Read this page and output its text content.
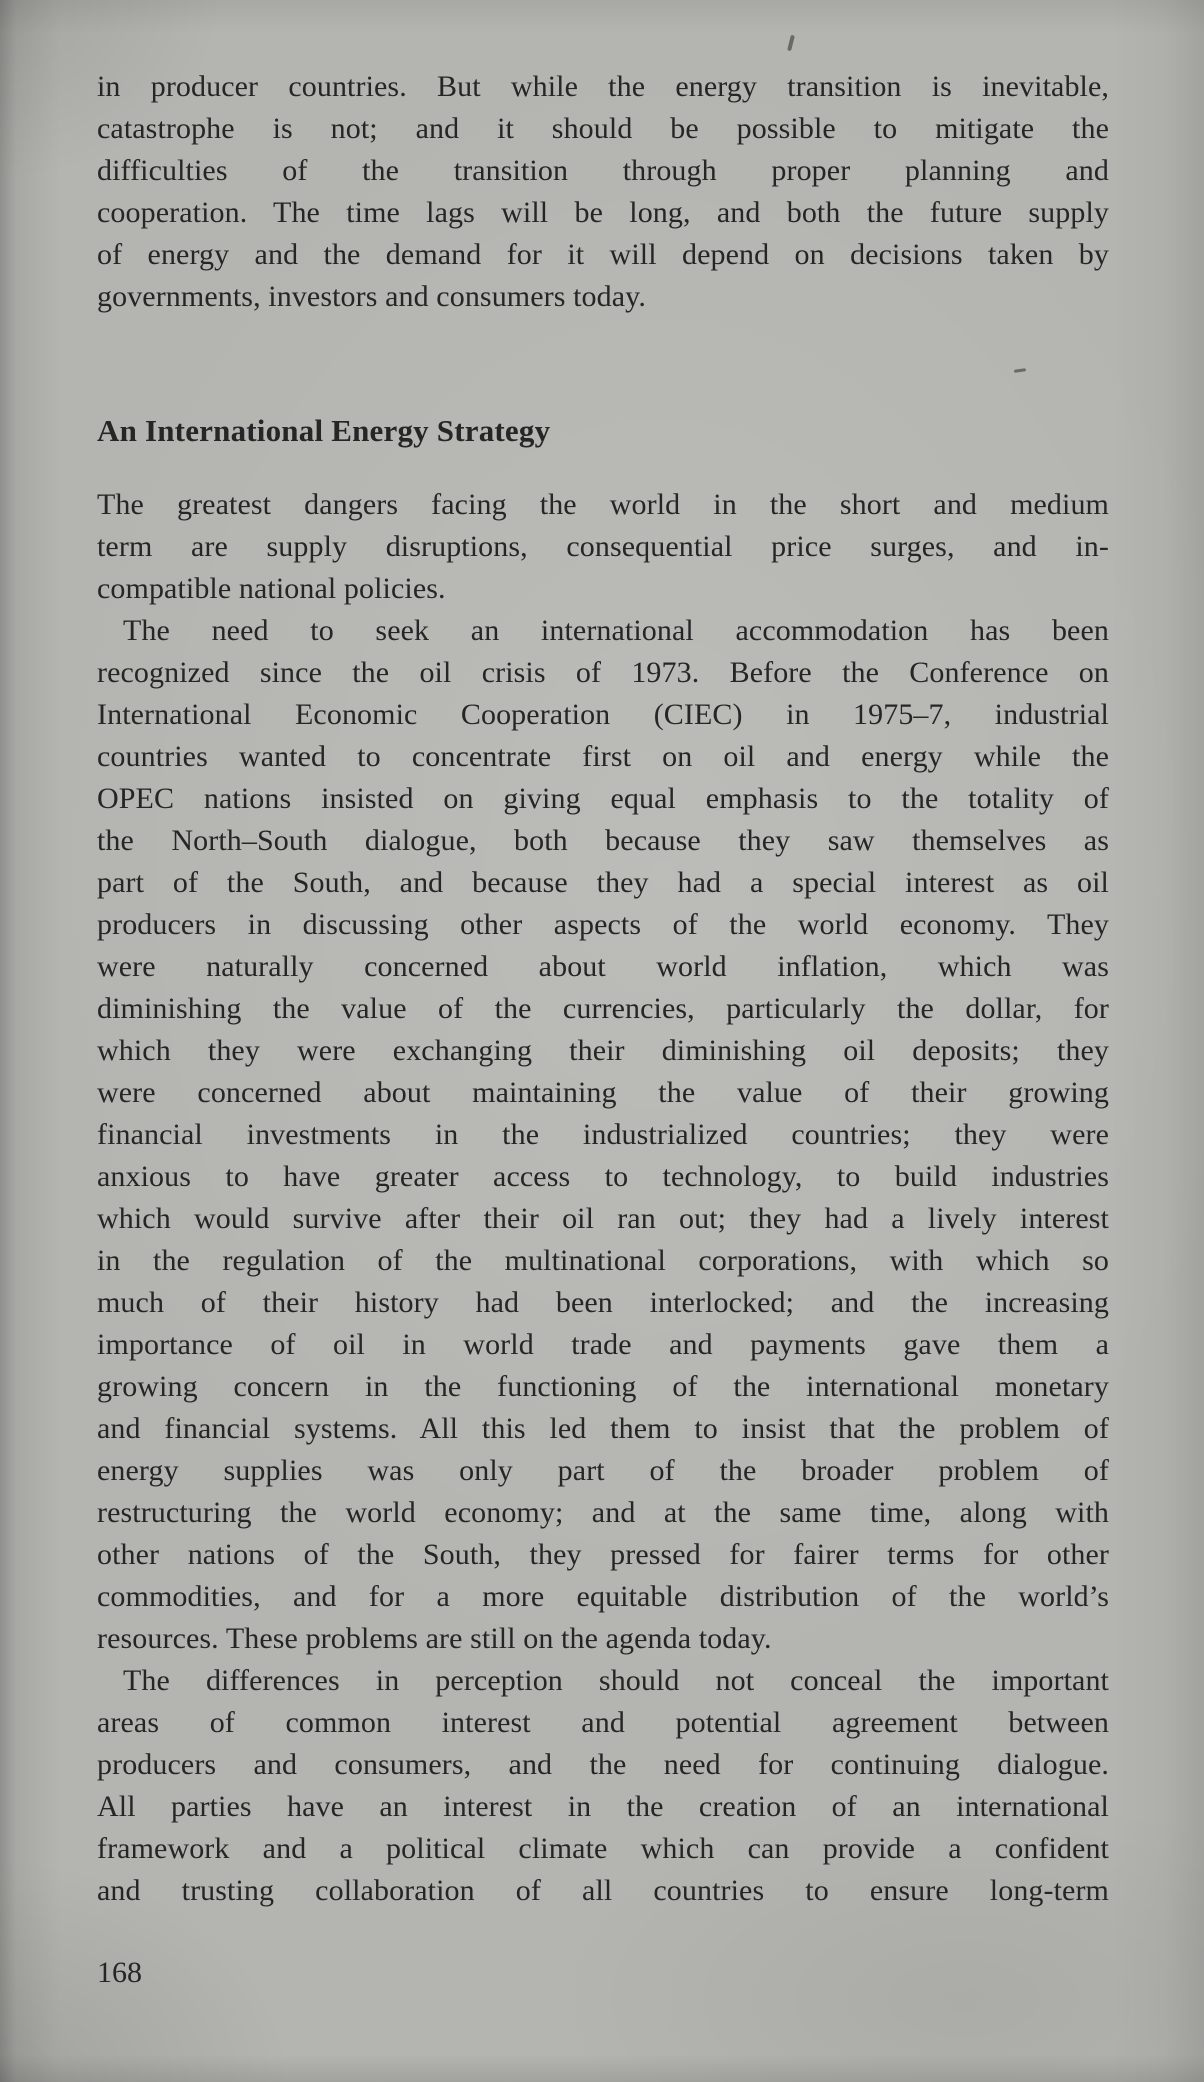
in producer countries. But while the energy transition is inevitable,
catastrophe is not; and it should be possible to mitigate the
difficulties of the transition through proper planning and
cooperation. The time lags will be long, and both the future supply
of energy and the demand for it will depend on decisions taken by
governments, investors and consumers today.
An International Energy Strategy
The greatest dangers facing the world in the short and medium
term are supply disruptions, consequential price surges, and in-
compatible national policies.
The need to seek an international accommodation has been
recognized since the oil crisis of 1973. Before the Conference on
International Economic Cooperation (CIEC) in 1975–7, industrial
countries wanted to concentrate first on oil and energy while the
OPEC nations insisted on giving equal emphasis to the totality of
the North–South dialogue, both because they saw themselves as
part of the South, and because they had a special interest as oil
producers in discussing other aspects of the world economy. They
were naturally concerned about world inflation, which was
diminishing the value of the currencies, particularly the dollar, for
which they were exchanging their diminishing oil deposits; they
were concerned about maintaining the value of their growing
financial investments in the industrialized countries; they were
anxious to have greater access to technology, to build industries
which would survive after their oil ran out; they had a lively interest
in the regulation of the multinational corporations, with which so
much of their history had been interlocked; and the increasing
importance of oil in world trade and payments gave them a
growing concern in the functioning of the international monetary
and financial systems. All this led them to insist that the problem of
energy supplies was only part of the broader problem of
restructuring the world economy; and at the same time, along with
other nations of the South, they pressed for fairer terms for other
commodities, and for a more equitable distribution of the world’s
resources. These problems are still on the agenda today.
The differences in perception should not conceal the important
areas of common interest and potential agreement between
producers and consumers, and the need for continuing dialogue.
All parties have an interest in the creation of an international
framework and a political climate which can provide a confident
and trusting collaboration of all countries to ensure long-term
168
